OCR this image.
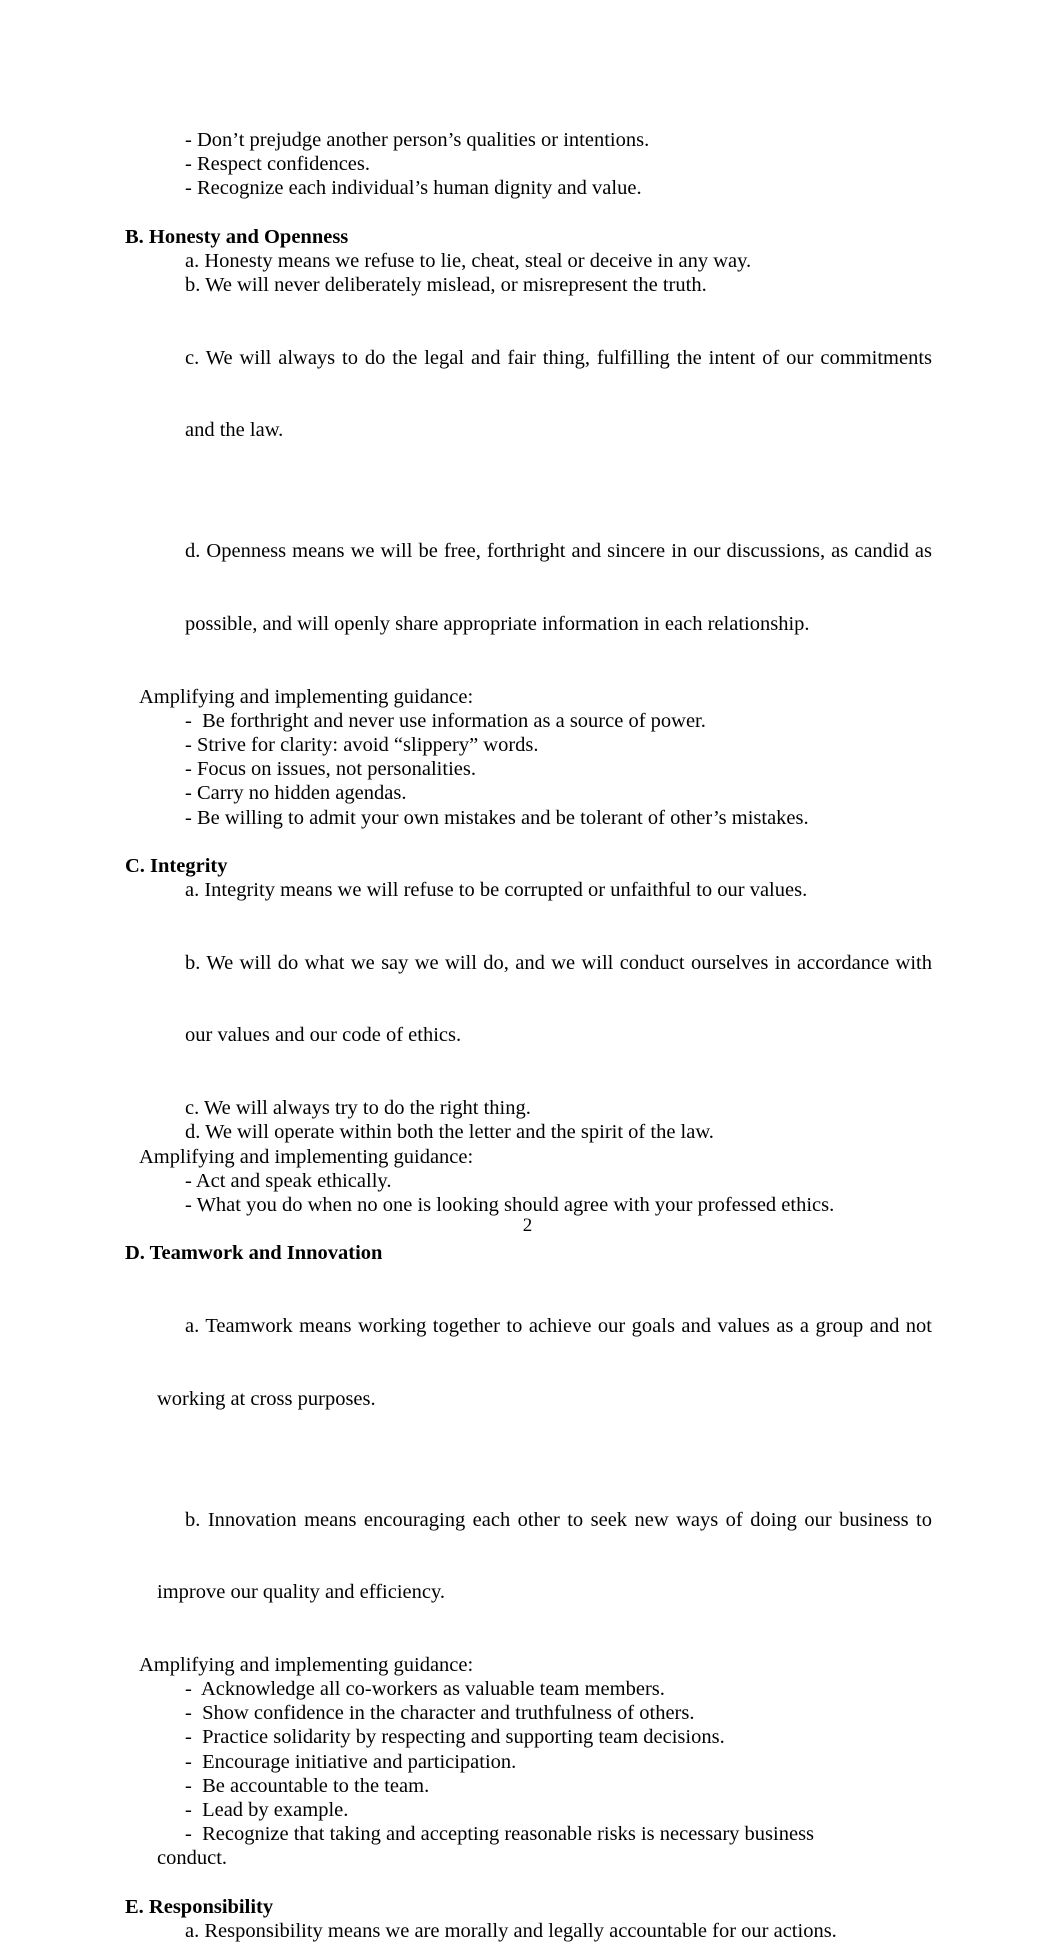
- Don’t prejudge another person’s qualities or intentions.
- Respect confidences.
- Recognize each individual’s human dignity and value.
B. Honesty and Openness
a. Honesty means we refuse to lie, cheat, steal or deceive in any way.
b. We will never deliberately mislead, or misrepresent the truth.

c. We will always to do the legal and fair thing, fulfilling the intent of our commitments

and the law.

d. Openness means we will be free, forthright and sincere in our discussions, as candid as

possible, and will openly share appropriate information in each relationship.

Amplifying and implementing guidance:
-  Be forthright and never use information as a source of power.
- Strive for clarity: avoid “slippery” words.
- Focus on issues, not personalities.
- Carry no hidden agendas.
- Be willing to admit your own mistakes and be tolerant of other’s mistakes.
C. Integrity
a. Integrity means we will refuse to be corrupted or unfaithful to our values.

b. We will do what we say we will do, and we will conduct ourselves in accordance with

our values and our code of ethics.

c. We will always try to do the right thing.
d. We will operate within both the letter and the spirit of the law.
Amplifying and implementing guidance:
- Act and speak ethically.
- What you do when no one is looking should agree with your professed ethics.
D. Teamwork and Innovation

a. Teamwork means working together to achieve our goals and values as a group and not

working at cross purposes.

b. Innovation means encouraging each other to seek new ways of doing our business to

improve our quality and efficiency.

Amplifying and implementing guidance:
-  Acknowledge all co-workers as valuable team members.
-  Show confidence in the character and truthfulness of others.
-  Practice solidarity by respecting and supporting team decisions.
-  Encourage initiative and participation.
-  Be accountable to the team.
-  Lead by example.
-  Recognize that taking and accepting reasonable risks is necessary business
conduct.
E. Responsibility
a. Responsibility means we are morally and legally accountable for our actions.
2
